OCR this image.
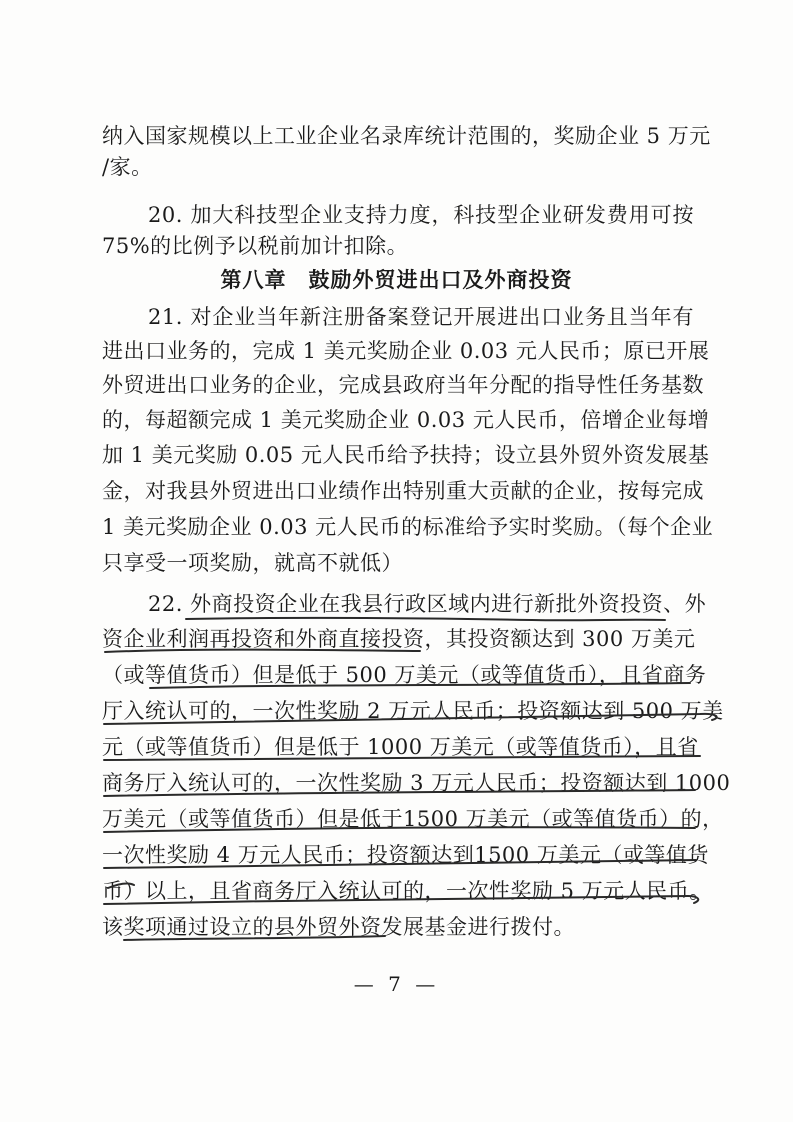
纳入国家规模以上工业企业名录库统计范围的，奖励企业 5 万元
/家。
20. 加大科技型企业支持力度，科技型企业研发费用可按
75%的比例予以税前加计扣除。
第八章　鼓励外贸进出口及外商投资
21. 对企业当年新注册备案登记开展进出口业务且当年有
进出口业务的，完成 1 美元奖励企业 0.03 元人民币；原已开展
外贸进出口业务的企业，完成县政府当年分配的指导性任务基数
的，每超额完成 1 美元奖励企业 0.03 元人民币，倍增企业每增
加 1 美元奖励 0.05 元人民币给予扶持；设立县外贸外资发展基
金，对我县外贸进出口业绩作出特别重大贡献的企业，按每完成
1 美元奖励企业 0.03 元人民币的标准给予实时奖励。（每个企业
只享受一项奖励，就高不就低）
22. 外商投资企业在我县行政区域内进行新批外资投资、外
资企业利润再投资和外商直接投资，其投资额达到 300 万美元
（或等值货币）但是低于 500 万美元（或等值货币），且省商务
厅入统认可的，一次性奖励 2 万元人民币；投资额达到 500 万美
元（或等值货币）但是低于 1000 万美元（或等值货币），且省
商务厅入统认可的，一次性奖励 3 万元人民币；投资额达到 1000
万美元（或等值货币）但是低于1500 万美元（或等值货币）的，
一次性奖励 4 万元人民币；投资额达到1500 万美元（或等值货
币）以上，且省商务厅入统认可的，一次性奖励 5 万元人民币。
该奖项通过设立的县外贸外资发展基金进行拨付。
— 7 —
